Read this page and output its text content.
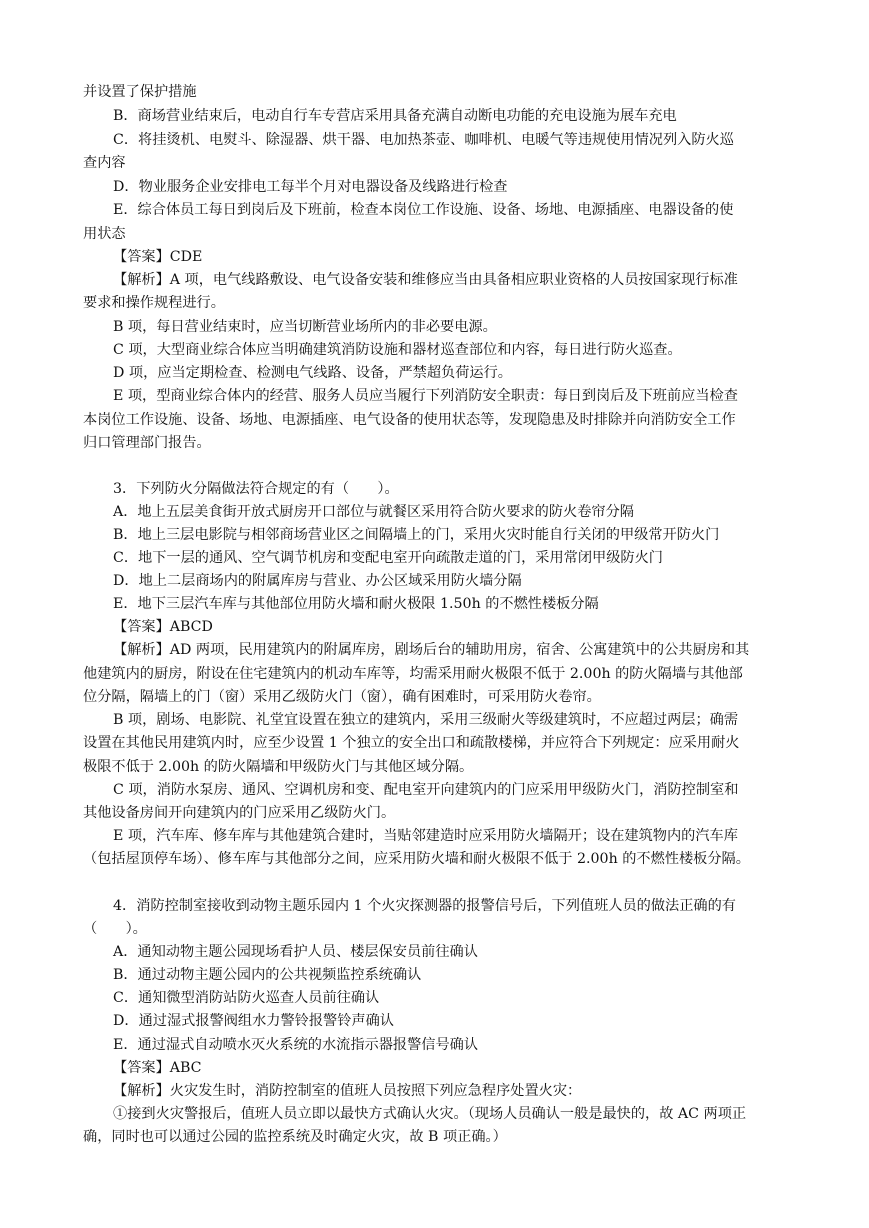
并设置了保护措施
B．商场营业结束后，电动自行车专营店采用具备充满自动断电功能的充电设施为展车充电
C．将挂烫机、电熨斗、除湿器、烘干器、电加热茶壶、咖啡机、电暖气等违规使用情况列入防火巡
查内容
D．物业服务企业安排电工每半个月对电器设备及线路进行检查
E．综合体员工每日到岗后及下班前，检查本岗位工作设施、设备、场地、电源插座、电器设备的使
用状态
【答案】CDE
【解析】A 项，电气线路敷设、电气设备安装和维修应当由具备相应职业资格的人员按国家现行标准
要求和操作规程进行。
B 项，每日营业结束时，应当切断营业场所内的非必要电源。
C 项，大型商业综合体应当明确建筑消防设施和器材巡查部位和内容，每日进行防火巡查。
D 项，应当定期检查、检测电气线路、设备，严禁超负荷运行。
E 项，型商业综合体内的经营、服务人员应当履行下列消防安全职责：每日到岗后及下班前应当检查
本岗位工作设施、设备、场地、电源插座、电气设备的使用状态等，发现隐患及时排除并向消防安全工作
归口管理部门报告。
3．下列防火分隔做法符合规定的有（　　）。
A．地上五层美食街开放式厨房开口部位与就餐区采用符合防火要求的防火卷帘分隔
B．地上三层电影院与相邻商场营业区之间隔墙上的门，采用火灾时能自行关闭的甲级常开防火门
C．地下一层的通风、空气调节机房和变配电室开向疏散走道的门，采用常闭甲级防火门
D．地上二层商场内的附属库房与营业、办公区域采用防火墙分隔
E．地下三层汽车库与其他部位用防火墙和耐火极限 1.50h 的不燃性楼板分隔
【答案】ABCD
【解析】AD 两项，民用建筑内的附属库房，剧场后台的辅助用房，宿舍、公寓建筑中的公共厨房和其
他建筑内的厨房，附设在住宅建筑内的机动车库等，均需采用耐火极限不低于 2.00h 的防火隔墙与其他部
位分隔，隔墙上的门（窗）采用乙级防火门（窗），确有困难时，可采用防火卷帘。
B 项，剧场、电影院、礼堂宜设置在独立的建筑内，采用三级耐火等级建筑时，不应超过两层；确需
设置在其他民用建筑内时，应至少设置 1 个独立的安全出口和疏散楼梯，并应符合下列规定：应采用耐火
极限不低于 2.00h 的防火隔墙和甲级防火门与其他区域分隔。
C 项，消防水泵房、通风、空调机房和变、配电室开向建筑内的门应采用甲级防火门，消防控制室和
其他设备房间开向建筑内的门应采用乙级防火门。
E 项，汽车库、修车库与其他建筑合建时，当贴邻建造时应采用防火墙隔开；设在建筑物内的汽车库
（包括屋顶停车场）、修车库与其他部分之间，应采用防火墙和耐火极限不低于 2.00h 的不燃性楼板分隔。
4．消防控制室接收到动物主题乐园内 1 个火灾探测器的报警信号后，下列值班人员的做法正确的有
（　　）。
A．通知动物主题公园现场看护人员、楼层保安员前往确认
B．通过动物主题公园内的公共视频监控系统确认
C．通知微型消防站防火巡查人员前往确认
D．通过湿式报警阀组水力警铃报警铃声确认
E．通过湿式自动喷水灭火系统的水流指示器报警信号确认
【答案】ABC
【解析】火灾发生时，消防控制室的值班人员按照下列应急程序处置火灾：
①接到火灾警报后，值班人员立即以最快方式确认火灾。（现场人员确认一般是最快的，故 AC 两项正
确，同时也可以通过公园的监控系统及时确定火灾，故 B 项正确。）
